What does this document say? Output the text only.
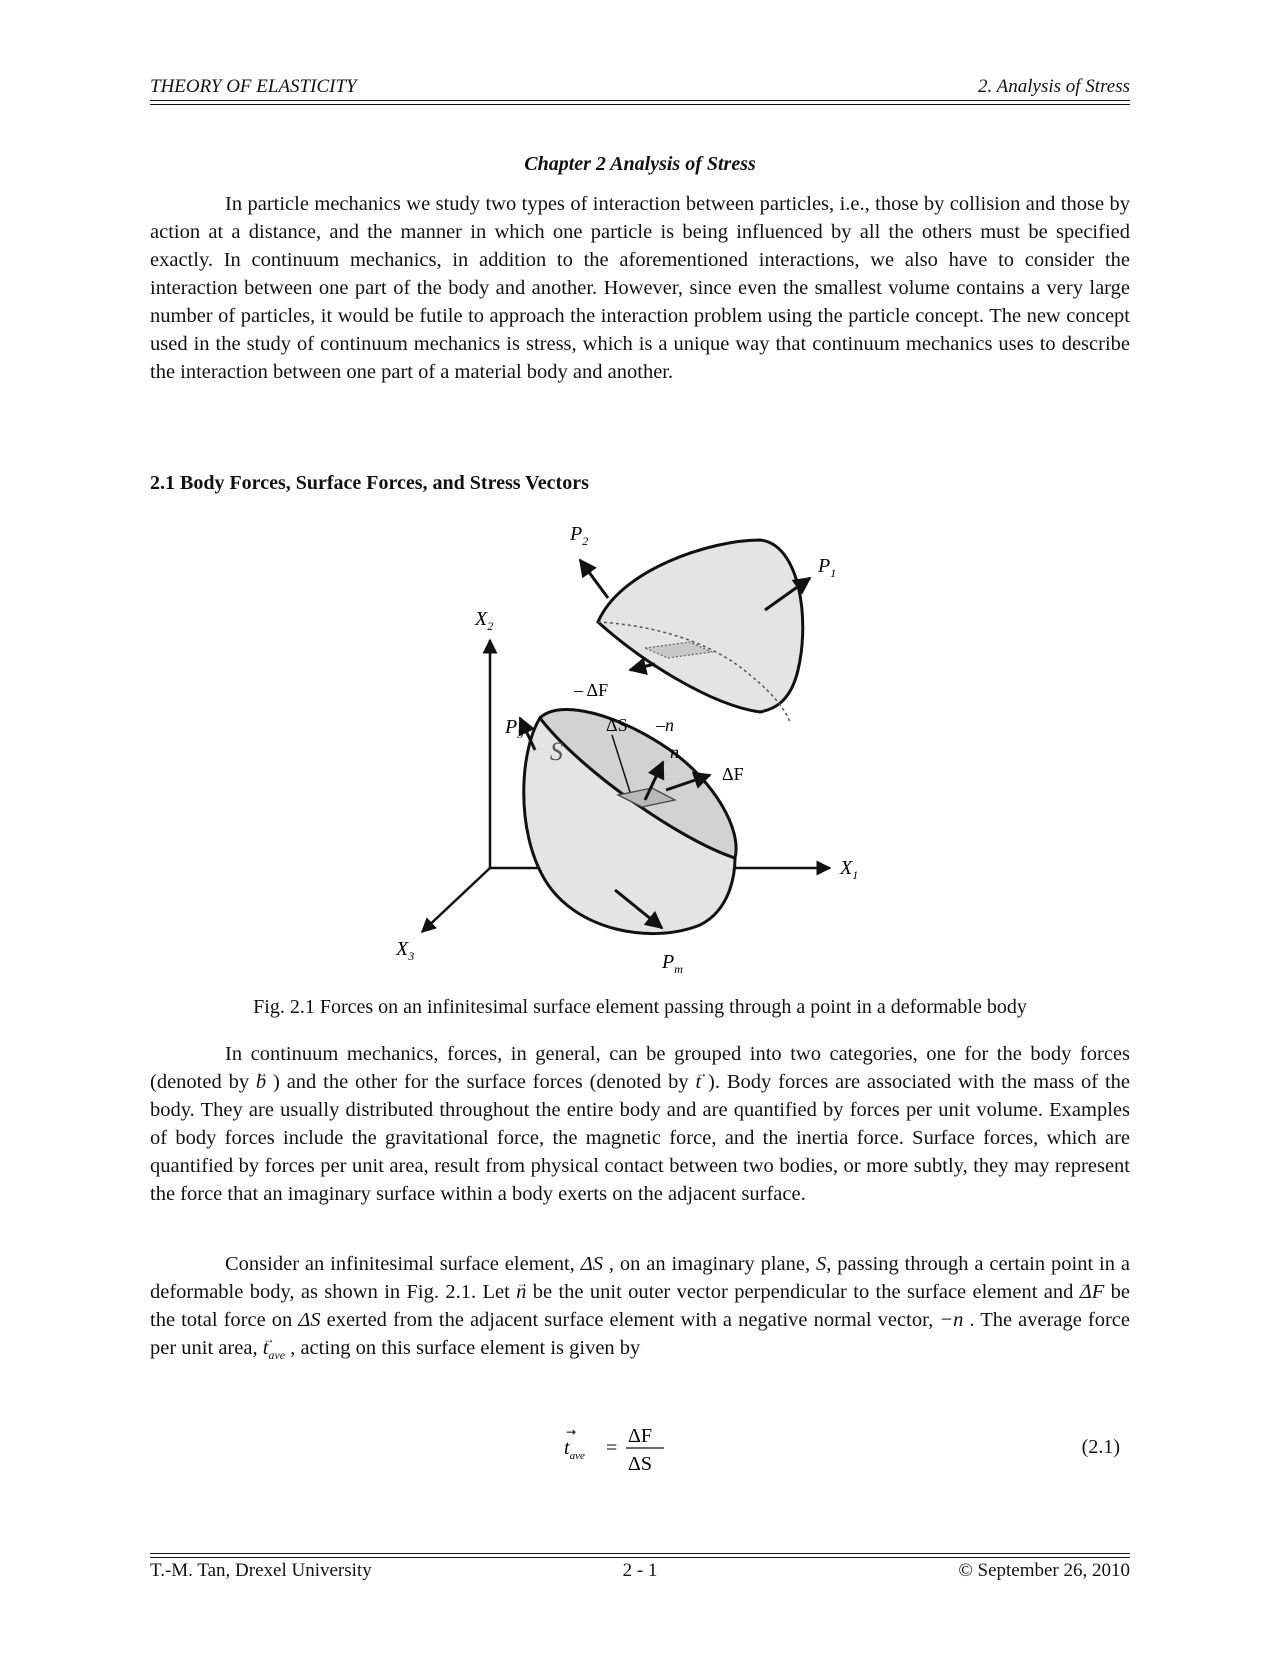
THEORY OF ELASTICITY	2. Analysis of Stress
Chapter 2 Analysis of Stress

In particle mechanics we study two types of interaction between particles, i.e., those by collision and those by action at a distance, and the manner in which one particle is being influenced by all the others must be specified exactly. In continuum mechanics, in addition to the aforementioned interactions, we also have to consider the interaction between one part of the body and another. However, since even the smallest volume contains a very large number of particles, it would be futile to approach the interaction problem using the particle concept. The new concept used in the study of continuum mechanics is stress, which is a unique way that continuum mechanics uses to describe the interaction between one part of a material body and another.

2.1 Body Forces, Surface Forces, and Stress Vectors
$P_2$
$P_1$
$X_2$
– ΔF
$P_3$	ΔS –n
n
S
ΔF
$X_1$
$X_3$	$P_m$
Fig. 2.1 Forces on an infinitesimal surface element passing through a point in a deformable body

In continuum mechanics, forces, in general, can be grouped into two categories, one for the body forces (denoted by → b ) and the other for the surface forces (denoted by → t ). Body forces are associated with the mass of the body. They are usually distributed throughout the entire body and are quantified by forces per unit volume. Examples of body forces include the gravitational force, the magnetic force, and the inertia force. Surface forces, which are quantified by forces per unit area, result from physical contact between two bodies, or more subtly, they may represent the force that an imaginary surface within a body exerts on the adjacent surface.

Consider an infinitesimal surface element, ΔS , on an imaginary plane, S, passing through a certain point in a deformable body, as shown in Fig. 2.1. Let → n be the unit outer vector perpendicular to the surface element and → ΔF be the total force on ΔS exerted from the adjacent surface element with a negative normal vector, −n . The average force per unit area, → $t_{ave}$ , acting on this surface element is given by

$t_{ave}$
→
=
ΔF
ΔS
(2.1)
T.-M. Tan, Drexel University	2 - 1	© September 26, 2010
